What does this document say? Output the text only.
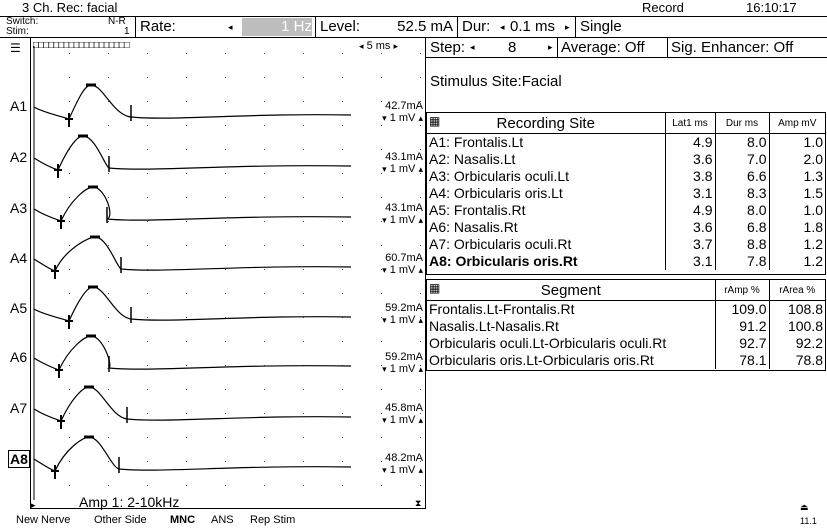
3 Ch. Rec: facial	Record	16:10:17
Switch:	N-R
Stim:	1 Rate:	◂	1 Hz Level: 52.5 mA Dur: ◂ 0.1 ms ▸ Single
☰ □□□□□□□□□□□□□□□□□□□	◂ 5 ms ▸
Amp 1: 2-10kHz
▸	⧗
42.7mA
▾ 1 mV ▴
43.1mA
▾ 1 mV ▴
43.1mA
▾ 1 mV ▴
60.7mA
▾ 1 mV ▴
59.2mA
▾ 1 mV ▴
59.2mA
▾ 1 mV ▴
45.8mA
▾ 1 mV ▴
48.2mA
▾ 1 mV ▴
A1
A2
A3
A4
A5
A6
A7
A8
Step: ◂ 8	▸ Average: Off Sig. Enhancer: Off
Stimulus Site:Facial
▦ Recording Site	Lat1 ms	Dur ms	Amp mV
A1: Frontalis.Lt	4.9	8.0	1.0
A2: Nasalis.Lt	3.6	7.0	2.0
A3: Orbicularis oculi.Lt	3.8	6.6	1.3
A4: Orbicularis oris.Lt	3.1	8.3	1.5
A5: Frontalis.Rt	4.9	8.0	1.0
A6: Nasalis.Rt	3.6	6.8	1.8
A7: Orbicularis oculi.Rt	3.7	8.8	1.2
A8: Orbicularis oris.Rt	3.1	7.8	1.2
▦ Segment	rAmp %	rArea %
Frontalis.Lt-Frontalis.Rt	109.0	108.8
Nasalis.Lt-Nasalis.Rt	91.2	100.8
Orbicularis oculi.Lt-Orbicularis oculi.Rt	92.7	92.2
Orbicularis oris.Lt-Orbicularis oris.Rt	78.1	78.8
New Nerve Other Side MNC ANS Rep Stim
⏏
11.1
